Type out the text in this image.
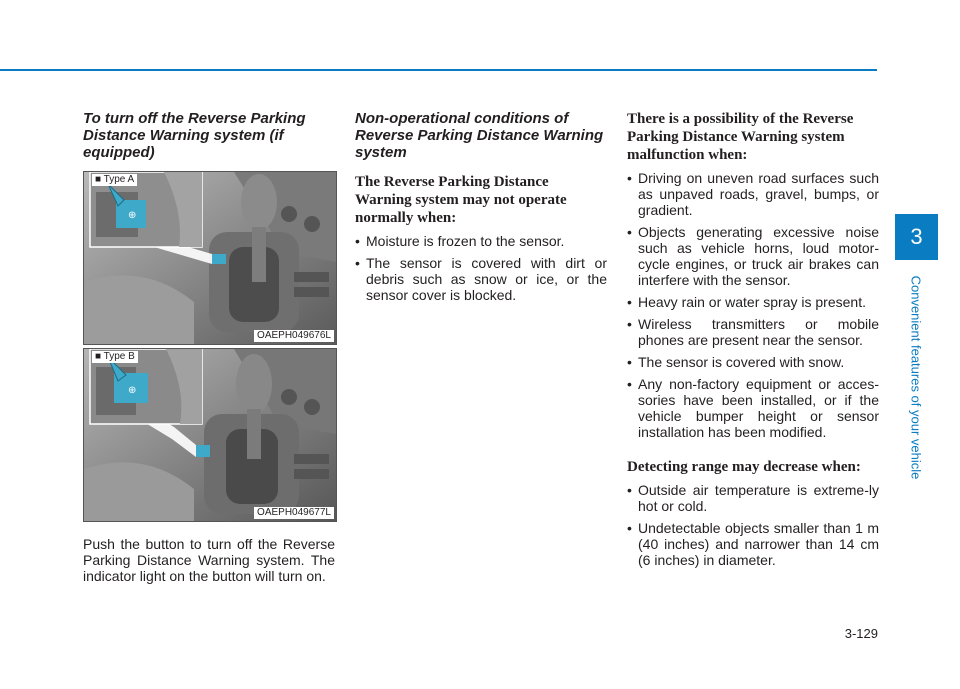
To turn off the Reverse Parking Distance Warning system (if equipped)
⊕
■ Type A
OAEPH049676L
⊕
■ Type B
OAEPH049677L

Push the button to turn off the Reverse Parking Distance Warning system. The indicator light on the button will turn on.

Non-operational conditions of Reverse Parking Distance Warning system
The Reverse Parking Distance Warning system may not operate normally when:
• Moisture is frozen to the sensor.
• The sensor is covered with dirt or debris such as snow or ice, or the sensor cover is blocked.
There is a possibility of the Reverse Parking Distance Warning system malfunction when:
• Driving on uneven road surfaces such as unpaved roads, gravel, bumps, or gradient.
• Objects generating excessive noise such as vehicle horns, loud motor-cycle engines, or truck air brakes can interfere with the sensor.
• Heavy rain or water spray is present.
• Wireless transmitters or mobile phones are present near the sensor.
• The sensor is covered with snow.
• Any non-factory equipment or acces-sories have been installed, or if the vehicle bumper height or sensor installation has been modified.
Detecting range may decrease when:
• Outside air temperature is extreme-ly hot or cold.
• Undetectable objects smaller than 1 m (40 inches) and narrower than 14 cm (6 inches) in diameter.
3
Convenient features of your vehicle
3-129
